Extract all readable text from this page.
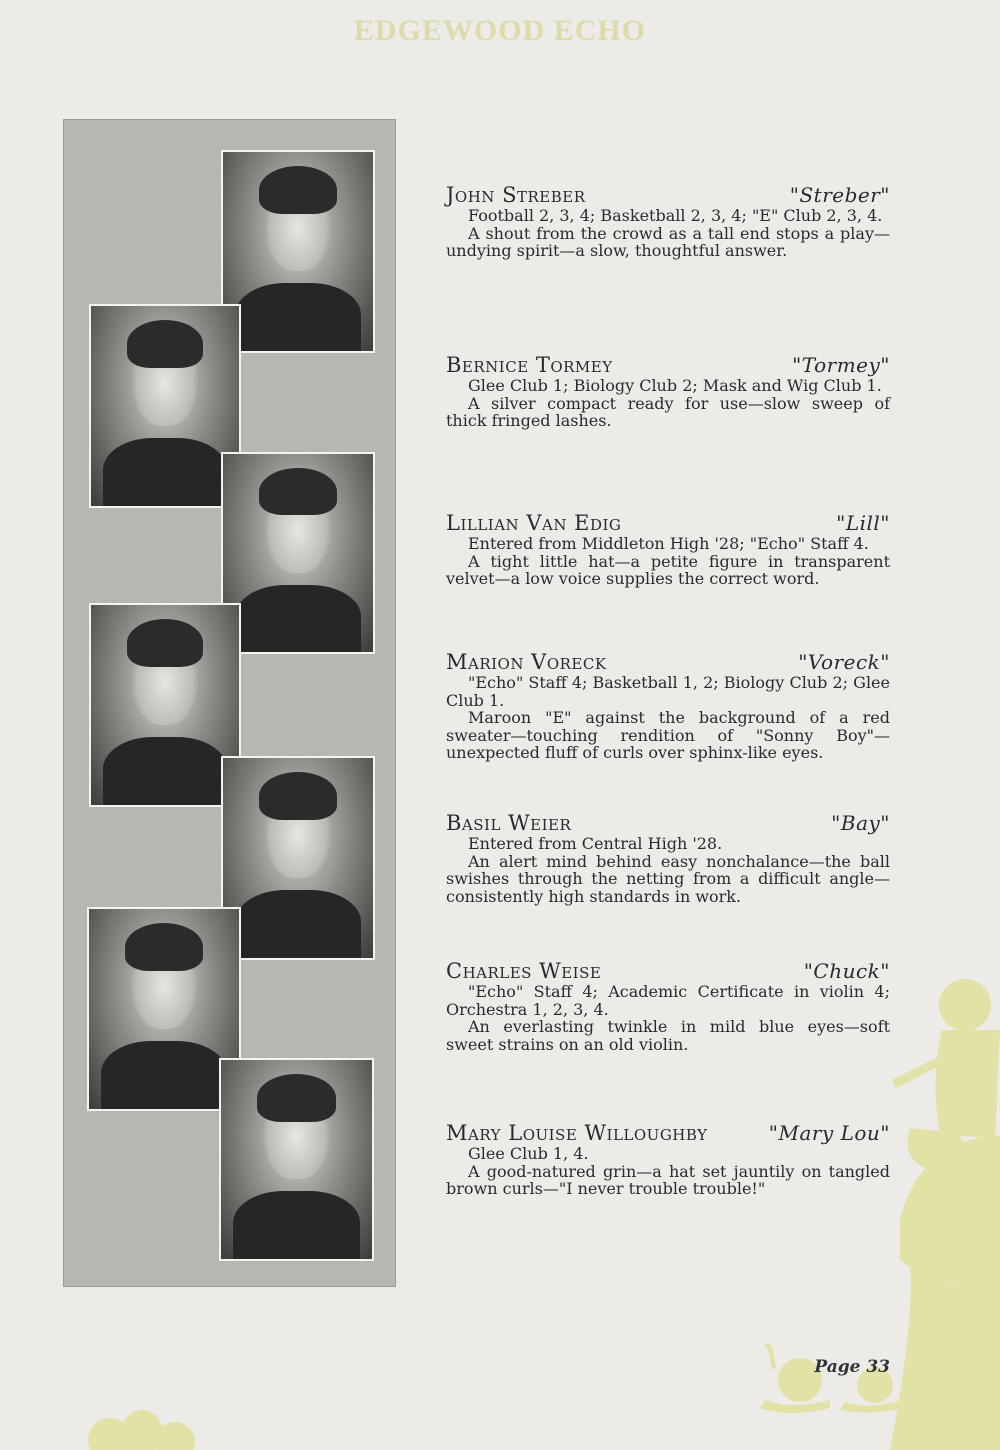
EDGEWOOD ECHO
John Streber	"Streber"

Football 2, 3, 4; Basketball 2, 3, 4; "E" Club 2, 3, 4.

A shout from the crowd as a tall end stops a play—undying spirit—a slow, thoughtful answer.

Bernice Tormey	"Tormey"

Glee Club 1; Biology Club 2; Mask and Wig Club 1.

A silver compact ready for use—slow sweep of thick fringed lashes.

Lillian Van Edig	"Lill"

Entered from Middleton High '28; "Echo" Staff 4.

A tight little hat—a petite figure in transparent velvet—a low voice supplies the correct word.

Marion Voreck	"Voreck"

"Echo" Staff 4; Basketball 1, 2; Biology Club 2; Glee Club 1.

Maroon "E" against the background of a red sweater—touching rendition of "Sonny Boy"—unexpected fluff of curls over sphinx-like eyes.

Basil Weier	"Bay"

Entered from Central High '28.

An alert mind behind easy nonchalance—the ball swishes through the netting from a difficult angle—consistently high standards in work.

Charles Weise	"Chuck"

"Echo" Staff 4; Academic Certificate in violin 4; Orchestra 1, 2, 3, 4.

An everlasting twinkle in mild blue eyes—soft sweet strains on an old violin.

Mary Louise Willoughby	"Mary Lou"

Glee Club 1, 4.

A good-natured grin—a hat set jauntily on tangled brown curls—"I never trouble trouble!"

Page 33
